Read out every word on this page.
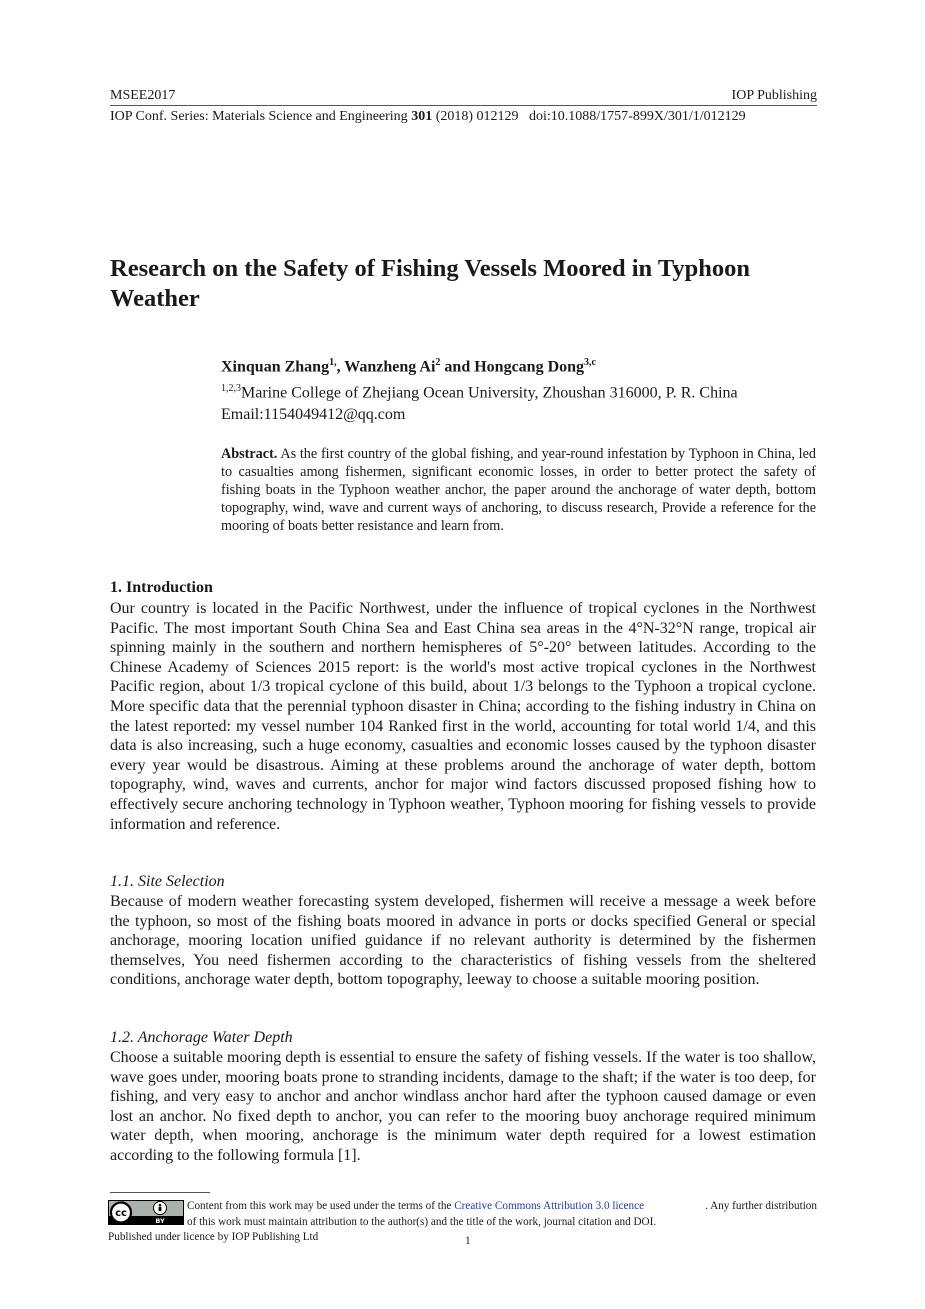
MSEE2017	IOP Publishing
IOP Conf. Series: Materials Science and Engineering 301 (2018) 012129 doi:10.1088/1757-899X/301/1/012129
Research on the Safety of Fishing Vessels Moored in Typhoon Weather
Xinquan Zhang$^{1,}$, Wanzheng Ai$^2$ and Hongcang Dong$^{3,c}$
$^{1,2,3}$Marine College of Zhejiang Ocean University, Zhoushan 316000, P. R. China
Email:1154049412@qq.com

Abstract. As the first country of the global fishing, and year-round infestation by Typhoon in China, led to casualties among fishermen, significant economic losses, in order to better protect the safety of fishing boats in the Typhoon weather anchor, the paper around the anchorage of water depth, bottom topography, wind, wave and current ways of anchoring, to discuss research, Provide a reference for the mooring of boats better resistance and learn from.

1. Introduction

Our country is located in the Pacific Northwest, under the influence of tropical cyclones in the Northwest Pacific. The most important South China Sea and East China sea areas in the 4°N-32°N range, tropical air spinning mainly in the southern and northern hemispheres of 5°-20° between latitudes. According to the Chinese Academy of Sciences 2015 report: is the world's most active tropical cyclones in the Northwest Pacific region, about 1/3 tropical cyclone of this build, about 1/3 belongs to the Typhoon a tropical cyclone. More specific data that the perennial typhoon disaster in China; according to the fishing industry in China on the latest reported: my vessel number 104 Ranked first in the world, accounting for total world 1/4, and this data is also increasing, such a huge economy, casualties and economic losses caused by the typhoon disaster every year would be disastrous. Aiming at these problems around the anchorage of water depth, bottom topography, wind, waves and currents, anchor for major wind factors discussed proposed fishing how to effectively secure anchoring technology in Typhoon weather, Typhoon mooring for fishing vessels to provide information and reference.

1.1. Site Selection

Because of modern weather forecasting system developed, fishermen will receive a message a week before the typhoon, so most of the fishing boats moored in advance in ports or docks specified General or special anchorage, mooring location unified guidance if no relevant authority is determined by the fishermen themselves, You need fishermen according to the characteristics of fishing vessels from the sheltered conditions, anchorage water depth, bottom topography, leeway to choose a suitable mooring position.

1.2. Anchorage Water Depth

Choose a suitable mooring depth is essential to ensure the safety of fishing vessels. If the water is too shallow, wave goes under, mooring boats prone to stranding incidents, damage to the shaft; if the water is too deep, for fishing, and very easy to anchor and anchor windlass anchor hard after the typhoon caused damage or even lost an anchor. No fixed depth to anchor, you can refer to the mooring buoy anchorage required minimum water depth, when mooring, anchorage is the minimum water depth required for a lowest estimation according to the following formula [1].

cc
BY
Content from this work may be used under the terms of the Creative Commons Attribution 3.0 licence	. Any further distribution
of this work must maintain attribution to the author(s) and the title of the work, journal citation and DOI.
Published under licence by IOP Publishing Ltd	1
